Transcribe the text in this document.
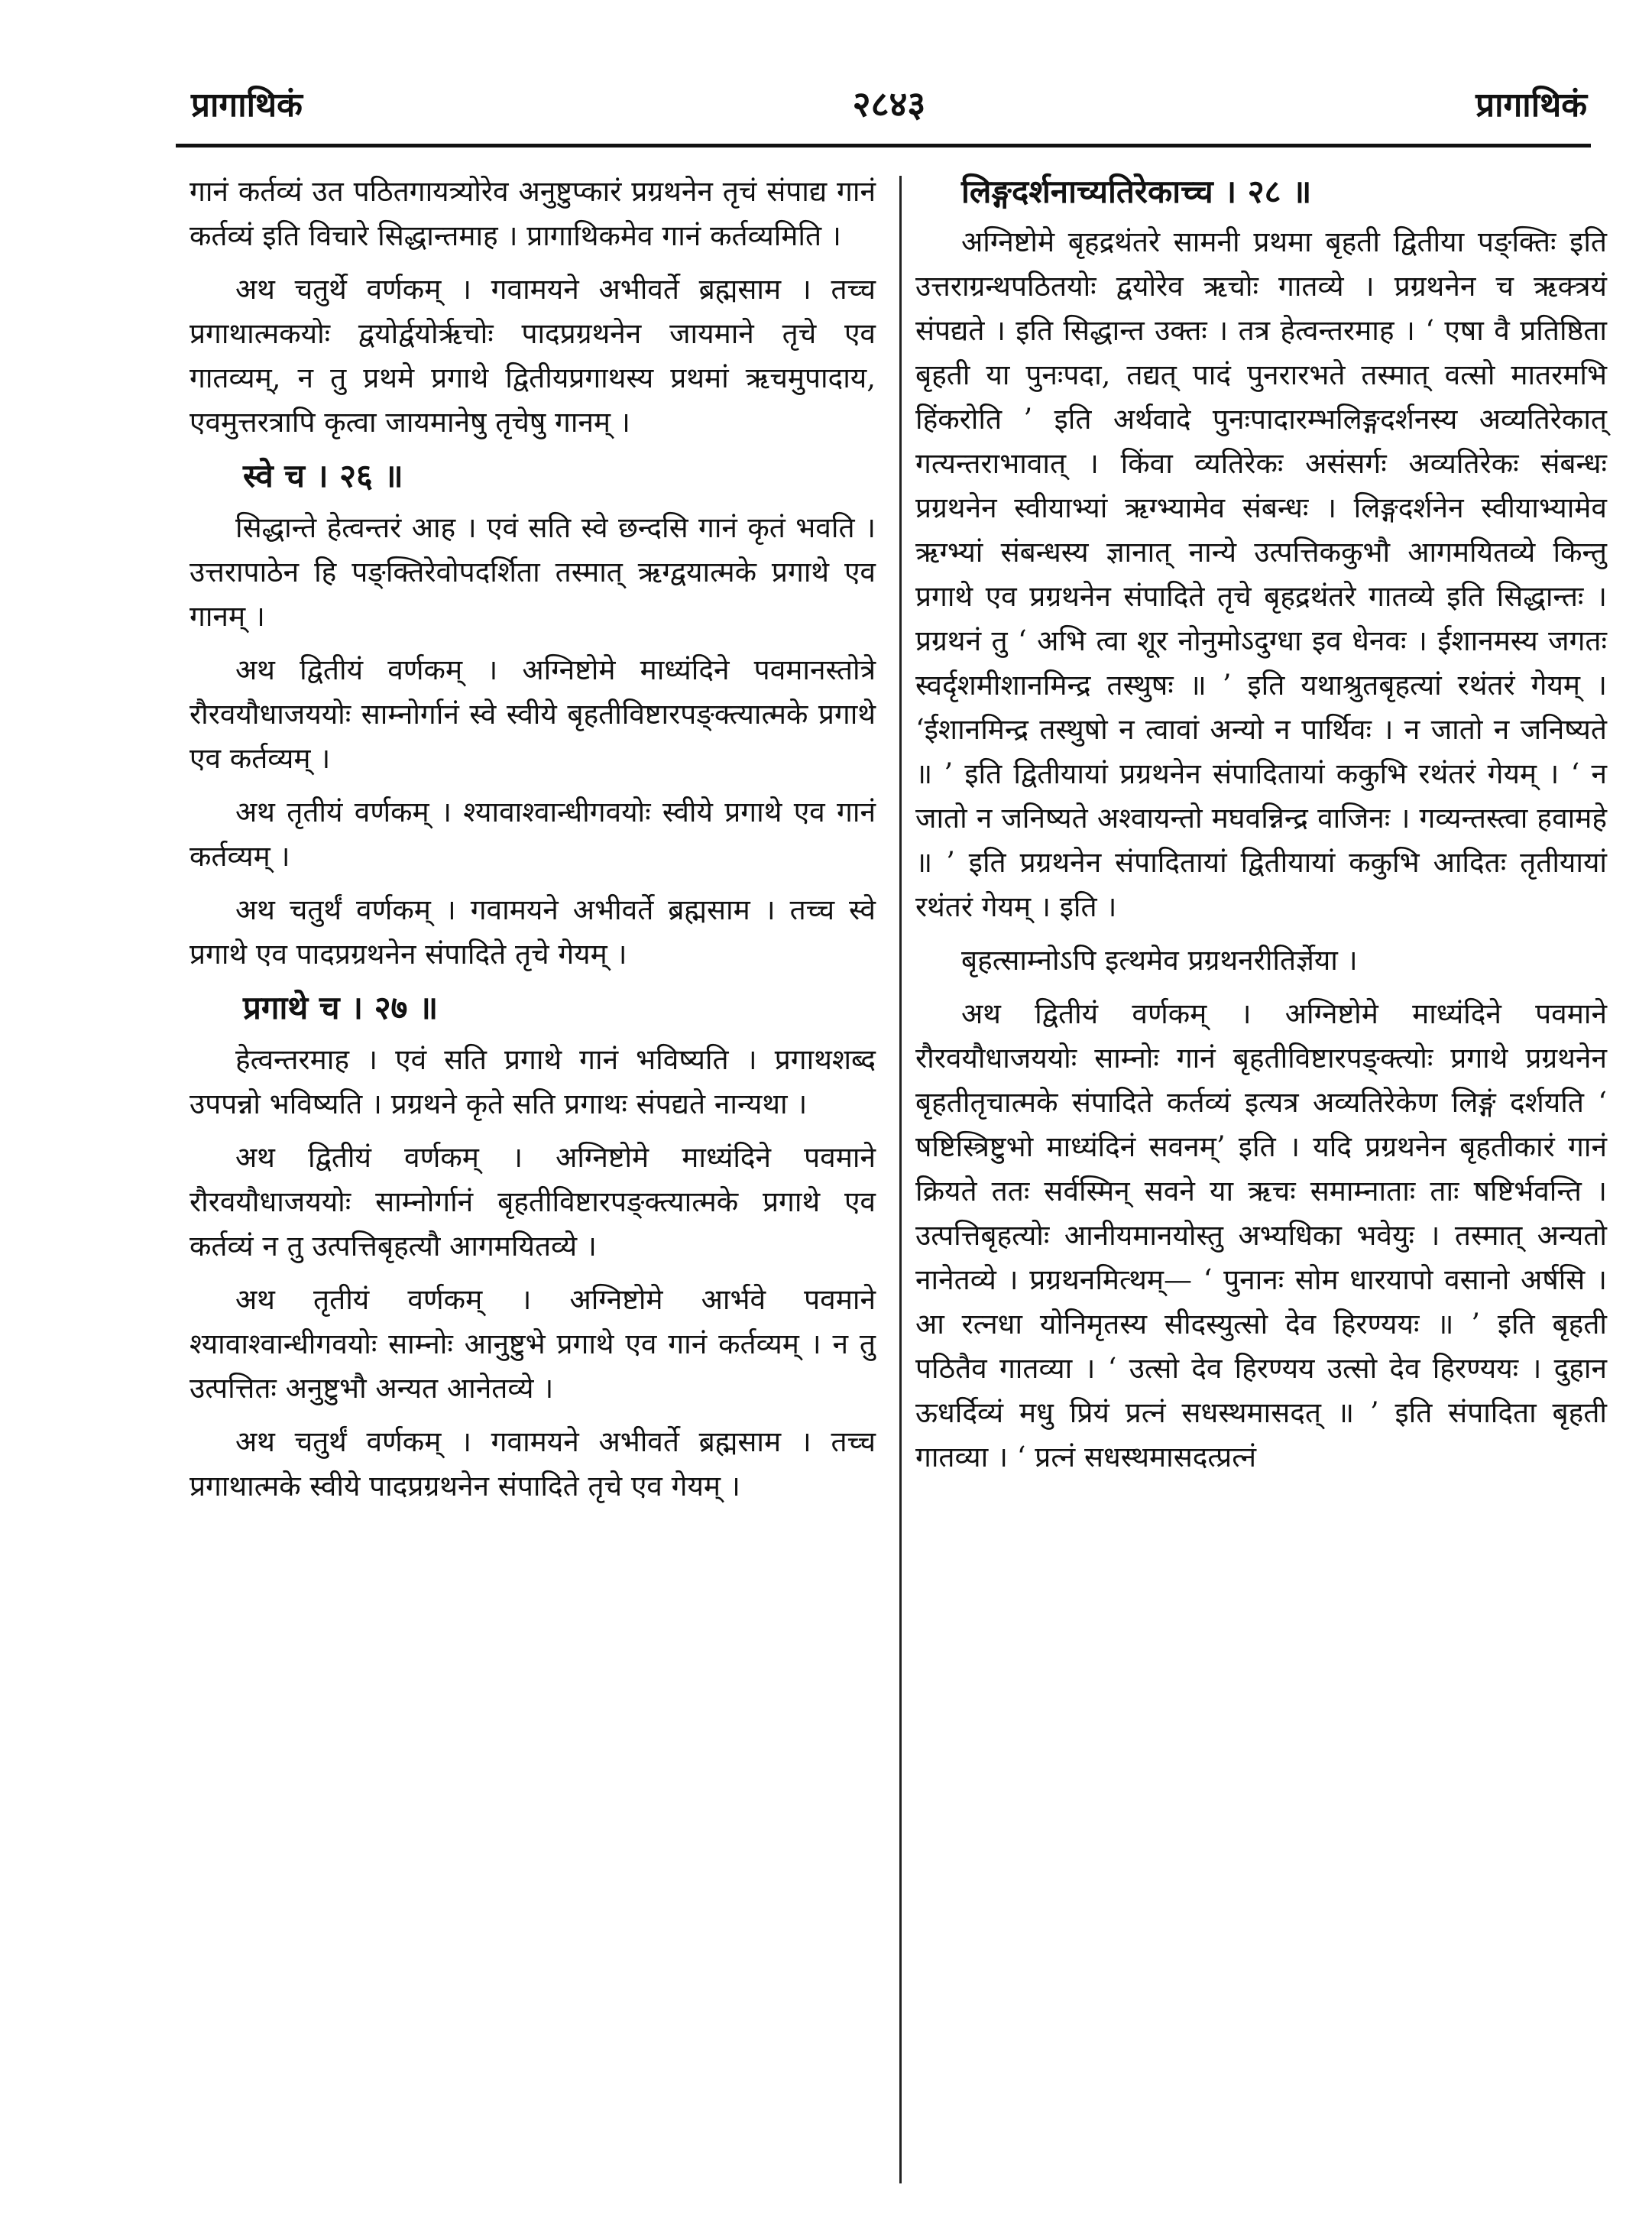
प्रागाथिकं	२८४३	प्रागाथिकं

गानं कर्तव्यं उत पठितगायत्र्योरेव अनुष्टुप्कारं प्रग्रथनेन तृचं संपाद्य गानं कर्तव्यं इति विचारे सिद्धान्तमाह । प्रागाथिकमेव गानं कर्तव्यमिति ।

अथ चतुर्थे वर्णकम् । गवामयने अभीवर्ते ब्रह्मसाम । तच्च प्रगाथात्मकयोः द्वयोर्द्वयोर्ऋचोः पादप्रग्रथनेन जायमाने तृचे एव गातव्यम्, न तु प्रथमे प्रगाथे द्वितीयप्रगाथस्य प्रथमां ऋचमुपादाय, एवमुत्तरत्रापि कृत्वा जायमानेषु तृचेषु गानम् ।

स्वे च । २६ ॥

सिद्धान्ते हेत्वन्तरं आह । एवं सति स्वे छन्दसि गानं कृतं भवति । उत्तरापाठेन हि पङ्क्तिरेवोपदर्शिता तस्मात् ऋग्द्वयात्मके प्रगाथे एव गानम् ।

अथ द्वितीयं वर्णकम् । अग्निष्टोमे माध्यंदिने पवमानस्तोत्रे रौरवयौधाजययोः साम्नोर्गानं स्वे स्वीये बृहतीविष्टारपङ्क्त्यात्मके प्रगाथे एव कर्तव्यम् ।

अथ तृतीयं वर्णकम् । श्यावाश्वान्धीगवयोः स्वीये प्रगाथे एव गानं कर्तव्यम् ।

अथ चतुर्थं वर्णकम् । गवामयने अभीवर्ते ब्रह्मसाम । तच्च स्वे प्रगाथे एव पादप्रग्रथनेन संपादिते तृचे गेयम् ।

प्रगाथे च । २७ ॥

हेत्वन्तरमाह । एवं सति प्रगाथे गानं भविष्यति । प्रगाथशब्द उपपन्नो भविष्यति । प्रग्रथने कृते सति प्रगाथः संपद्यते नान्यथा ।

अथ द्वितीयं वर्णकम् । अग्निष्टोमे माध्यंदिने पवमाने रौरवयौधाजययोः साम्नोर्गानं बृहतीविष्टारपङ्क्त्यात्मके प्रगाथे एव कर्तव्यं न तु उत्पत्तिबृहत्यौ आगमयितव्ये ।

अथ तृतीयं वर्णकम् । अग्निष्टोमे आर्भवे पवमाने श्यावाश्वान्धीगवयोः साम्नोः आनुष्टुभे प्रगाथे एव गानं कर्तव्यम् । न तु उत्पत्तितः अनुष्टुभौ अन्यत आनेतव्ये ।

अथ चतुर्थं वर्णकम् । गवामयने अभीवर्ते ब्रह्मसाम । तच्च प्रगाथात्मके स्वीये पादप्रग्रथनेन संपादिते तृचे एव गेयम् ।

लिङ्गदर्शनाच्यतिरेकाच्च । २८ ॥

अग्निष्टोमे बृहद्रथंतरे सामनी प्रथमा बृहती द्वितीया पङ्क्तिः इति उत्तराग्रन्थपठितयोः द्वयोरेव ऋचोः गातव्ये । प्रग्रथनेन च ऋक्त्रयं संपद्यते । इति सिद्धान्त उक्तः । तत्र हेत्वन्तरमाह । ‘ एषा वै प्रतिष्ठिता बृहती या पुनःपदा, तद्यत् पादं पुनरारभते तस्मात् वत्सो मातरमभि हिंकरोति ’ इति अर्थवादे पुनःपादारम्भलिङ्गदर्शनस्य अव्यतिरेकात् गत्यन्तराभावात् । किंवा व्यतिरेकः असंसर्गः अव्यतिरेकः संबन्धः प्रग्रथनेन स्वीयाभ्यां ऋग्भ्यामेव संबन्धः । लिङ्गदर्शनेन स्वीयाभ्यामेव ऋग्भ्यां संबन्धस्य ज्ञानात् नान्ये उत्पत्तिककुभौ आगमयितव्ये किन्तु प्रगाथे एव प्रग्रथनेन संपादिते तृचे बृहद्रथंतरे गातव्ये इति सिद्धान्तः । प्रग्रथनं तु ‘ अभि त्वा शूर नोनुमोऽदुग्धा इव धेनवः । ईशानमस्य जगतः स्वर्दृशमीशानमिन्द्र तस्थुषः ॥ ’ इति यथाश्रुतबृहत्यां रथंतरं गेयम् । ‘ईशानमिन्द्र तस्थुषो न त्वावां अन्यो न पार्थिवः । न जातो न जनिष्यते ॥ ’ इति द्वितीयायां प्रग्रथनेन संपादितायां ककुभि रथंतरं गेयम् । ‘ न जातो न जनिष्यते अश्वायन्तो मघवन्निन्द्र वाजिनः । गव्यन्तस्त्वा हवामहे ॥ ’ इति प्रग्रथनेन संपादितायां द्वितीयायां ककुभि आदितः तृतीयायां रथंतरं गेयम् । इति ।

बृहत्साम्नोऽपि इत्थमेव प्रग्रथनरीतिर्ज्ञेया ।

अथ द्वितीयं वर्णकम् । अग्निष्टोमे माध्यंदिने पवमाने रौरवयौधाजययोः साम्नोः गानं बृहतीविष्टारपङ्क्त्योः प्रगाथे प्रग्रथनेन बृहतीतृचात्मके संपादिते कर्तव्यं इत्यत्र अव्यतिरेकेण लिङ्गं दर्शयति ‘ षष्टिस्त्रिष्टुभो माध्यंदिनं सवनम्’ इति । यदि प्रग्रथनेन बृहतीकारं गानं क्रियते ततः सर्वस्मिन् सवने या ऋचः समाम्नाताः ताः षष्टिर्भवन्ति । उत्पत्तिबृहत्योः आनीयमानयोस्तु अभ्यधिका भवेयुः । तस्मात् अन्यतो नानेतव्ये । प्रग्रथनमित्थम्— ‘ पुनानः सोम धारयापो वसानो अर्षसि । आ रत्नधा योनिमृतस्य सीदस्युत्सो देव हिरण्ययः ॥ ’ इति बृहती पठितैव गातव्या । ‘ उत्सो देव हिरण्यय उत्सो देव हिरण्ययः । दुहान ऊधर्दिव्यं मधु प्रियं प्रत्नं सधस्थमासदत् ॥ ’ इति संपादिता बृहती गातव्या । ‘ प्रत्नं सधस्थमासदत्प्रत्नं
